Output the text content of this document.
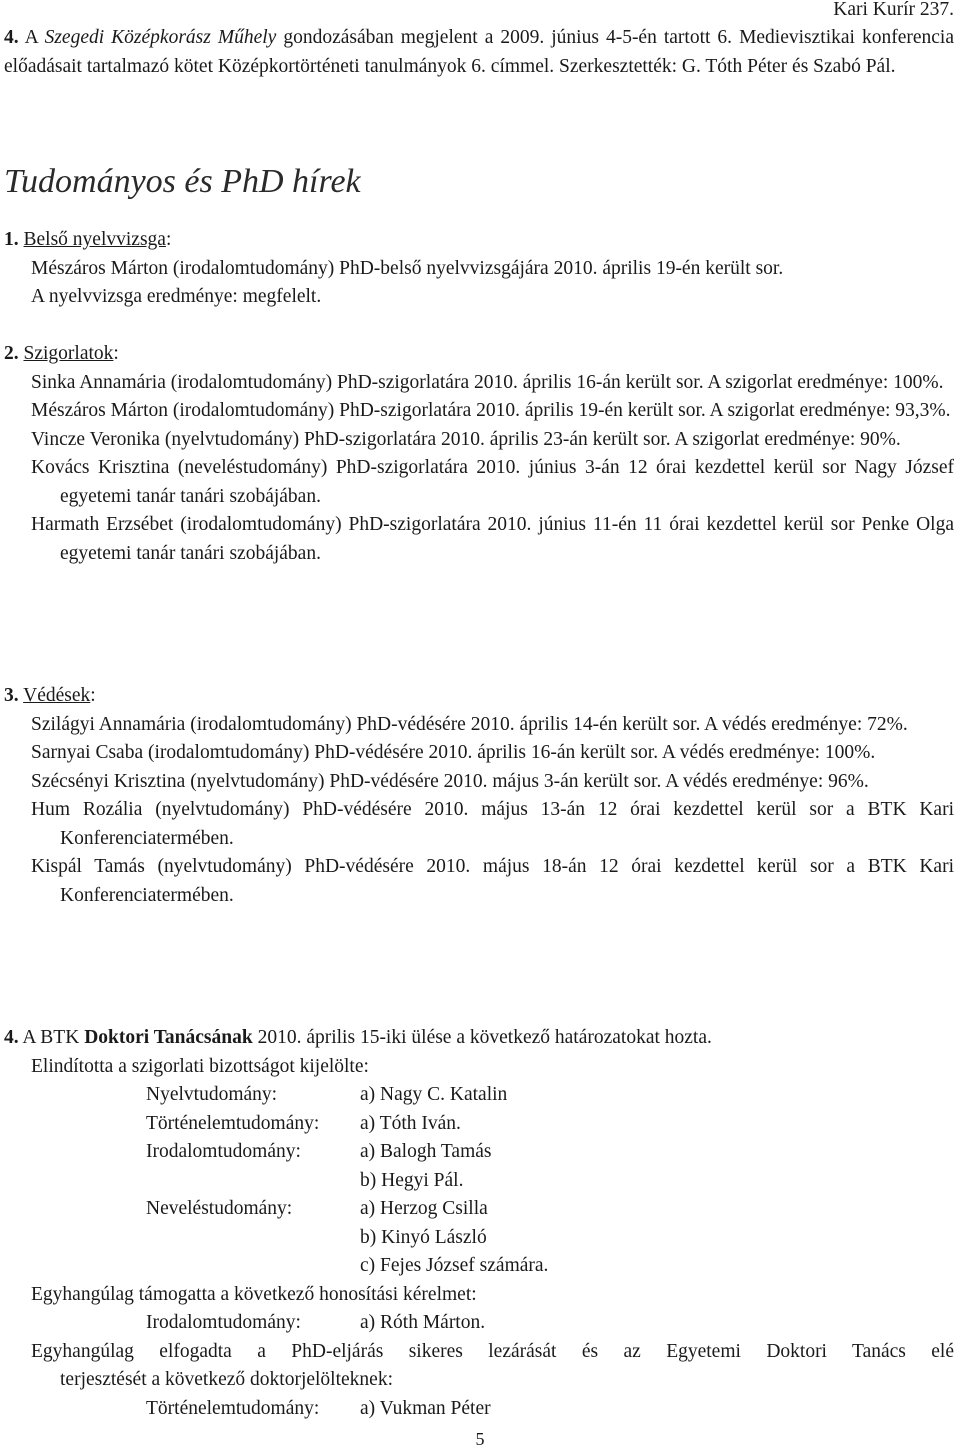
Kari Kurír 237.
4. A Szegedi Középkorász Műhely gondozásában megjelent a 2009. június 4-5-én tartott 6. Medievisztikai konferencia előadásait tartalmazó kötet Középkortörténeti tanulmányok 6. címmel. Szerkesztették: G. Tóth Péter és Szabó Pál.
Tudományos és PhD hírek
1. Belső nyelvvizsga:
Mészáros Márton (irodalomtudomány) PhD-belső nyelvvizsgájára 2010. április 19-én került sor.
A nyelvvizsga eredménye: megfelelt.
2. Szigorlatok:
Sinka Annamária (irodalomtudomány) PhD-szigorlatára 2010. április 16-án került sor. A szigorlat eredménye: 100%.
Mészáros Márton (irodalomtudomány) PhD-szigorlatára 2010. április 19-én került sor. A szigorlat eredménye: 93,3%.
Vincze Veronika (nyelvtudomány) PhD-szigorlatára 2010. április 23-án került sor. A szigorlat eredménye: 90%.
Kovács Krisztina (neveléstudomány) PhD-szigorlatára 2010. június 3-án 12 órai kezdettel kerül sor Nagy József egyetemi tanár tanári szobájában.
Harmath Erzsébet (irodalomtudomány) PhD-szigorlatára 2010. június 11-én 11 órai kezdettel kerül sor Penke Olga egyetemi tanár tanári szobájában.
3. Védések:
Szilágyi Annamária (irodalomtudomány) PhD-védésére 2010. április 14-én került sor. A védés eredménye: 72%.
Sarnyai Csaba (irodalomtudomány) PhD-védésére 2010. április 16-án került sor. A védés eredménye: 100%.
Szécsényi Krisztina (nyelvtudomány) PhD-védésére 2010. május 3-án került sor. A védés eredménye: 96%.
Hum Rozália (nyelvtudomány) PhD-védésére 2010. május 13-án 12 órai kezdettel kerül sor a BTK Kari Konferenciatermében.
Kispál Tamás (nyelvtudomány) PhD-védésére 2010. május 18-án 12 órai kezdettel kerül sor a BTK Kari Konferenciatermében.
4. A BTK Doktori Tanácsának 2010. április 15-iki ülése a következő határozatokat hozta.
Elindította a szigorlati bizottságot kijelölte:
Nyelvtudomány:	a) Nagy C. Katalin
Történelemtudomány:	a) Tóth Iván.
Irodalomtudomány:	a) Balogh Tamás
	b) Hegyi Pál.
Neveléstudomány:	a) Herzog Csilla
	b) Kinyó László
	c) Fejes József számára.
Egyhangúlag támogatta a következő honosítási kérelmet:
Irodalomtudomány:	a) Róth Márton.
Egyhangúlag elfogadta a PhD-eljárás sikeres lezárását és az Egyetemi Doktori Tanács elé
terjesztését a következő doktorjelölteknek:
Történelemtudomány:	a) Vukman Péter
5
